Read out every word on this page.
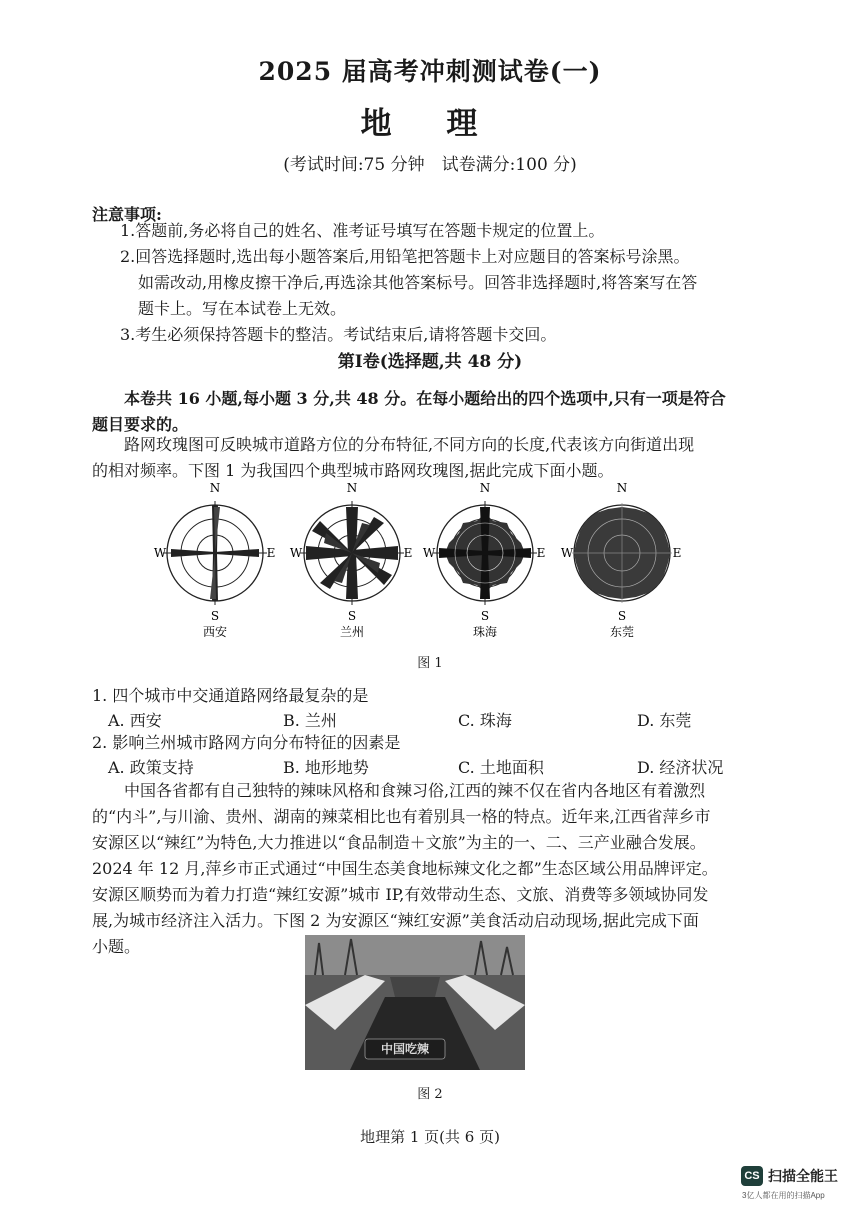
2025 届高考冲刺测试卷(一)
地 理
(考试时间:75 分钟　试卷满分:100 分)
注意事项:
1.答题前,务必将自己的姓名、准考证号填写在答题卡规定的位置上。
2.回答选择题时,选出每小题答案后,用铅笔把答题卡上对应题目的答案标号涂黑。
如需改动,用橡皮擦干净后,再选涂其他答案标号。回答非选择题时,将答案写在答
题卡上。写在本试卷上无效。
3.考生必须保持答题卡的整洁。考试结束后,请将答题卡交回。
第Ⅰ卷(选择题,共 48 分)
本卷共 16 小题,每小题 3 分,共 48 分。在每小题给出的四个选项中,只有一项是符合
题目要求的。
路网玫瑰图可反映城市道路方位的分布特征,不同方向的长度,代表该方向街道出现
的相对频率。下图 1 为我国四个典型城市路网玫瑰图,据此完成下面小题。
N
S
W	E
西安
N
S
W	E
兰州
N
S
W	E
珠海
N
S
W	E
东莞
图 1
1. 四个城市中交通道路网络最复杂的是
A. 西安	B. 兰州	C. 珠海	D. 东莞
2. 影响兰州城市路网方向分布特征的因素是
A. 政策支持	B. 地形地势	C. 土地面积	D. 经济状况
中国各省都有自己独特的辣味风格和食辣习俗,江西的辣不仅在省内各地区有着激烈
的“内斗”,与川渝、贵州、湖南的辣菜相比也有着别具一格的特点。近年来,江西省萍乡市
安源区以“辣红”为特色,大力推进以“食品制造＋文旅”为主的一、二、三产业融合发展。
2024 年 12 月,萍乡市正式通过“中国生态美食地标辣文化之都”生态区域公用品牌评定。
安源区顺势而为着力打造“辣红安源”城市 IP,有效带动生态、文旅、消费等多领域协同发
展,为城市经济注入活力。下图 2 为安源区“辣红安源”美食活动启动现场,据此完成下面
小题。
中国吃辣
图 2
地理第 1 页(共 6 页)
CS 扫描全能王
3亿人都在用的扫描App
